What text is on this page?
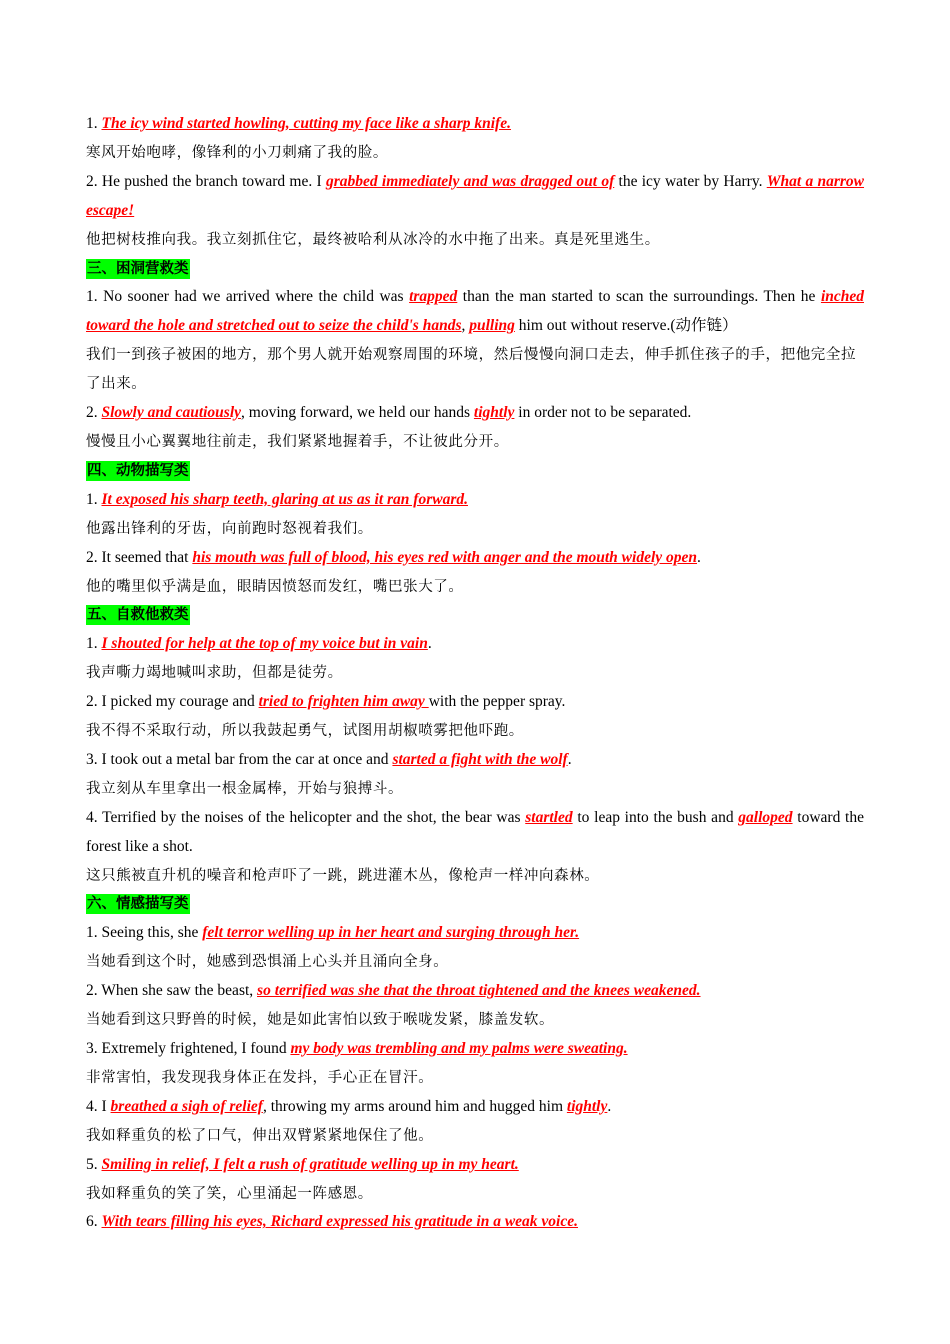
1. The icy wind started howling, cutting my face like a sharp knife.

寒风开始咆哮，像锋利的小刀刺痛了我的脸。

2. He pushed the branch toward me. I grabbed immediately and was dragged out of the icy water by Harry. What a narrow escape!

他把树枝推向我。我立刻抓住它，最终被哈利从冰冷的水中拖了出来。真是死里逃生。

三、困洞营救类

1. No sooner had we arrived where the child was trapped than the man started to scan the surroundings. Then he inched toward the hole and stretched out to seize the child's hands, pulling him out without reserve.(动作链）

我们一到孩子被困的地方，那个男人就开始观察周围的环境，然后慢慢向洞口走去，伸手抓住孩子的手，把他完全拉了出来。

2. Slowly and cautiously, moving forward, we held our hands tightly in order not to be separated.

慢慢且小心翼翼地往前走，我们紧紧地握着手，不让彼此分开。

四、动物描写类

1. It exposed his sharp teeth, glaring at us as it ran forward.

他露出锋利的牙齿，向前跑时怒视着我们。

2. It seemed that his mouth was full of blood, his eyes red with anger and the mouth widely open.

他的嘴里似乎满是血，眼睛因愤怒而发红，嘴巴张大了。

五、自救他救类

1. I shouted for help at the top of my voice but in vain.

我声嘶力竭地喊叫求助，但都是徒劳。

2. I picked my courage and tried to frighten him away with the pepper spray.

我不得不采取行动，所以我鼓起勇气，试图用胡椒喷雾把他吓跑。

3. I took out a metal bar from the car at once and started a fight with the wolf.

我立刻从车里拿出一根金属棒，开始与狼搏斗。

4. Terrified by the noises of the helicopter and the shot, the bear was startled to leap into the bush and galloped toward the forest like a shot.

这只熊被直升机的噪音和枪声吓了一跳，跳进灌木丛，像枪声一样冲向森林。

六、情感描写类

1. Seeing this, she felt terror welling up in her heart and surging through her.

当她看到这个时，她感到恐惧涌上心头并且涌向全身。

2. When she saw the beast, so terrified was she that the throat tightened and the knees weakened.

当她看到这只野兽的时候，她是如此害怕以致于喉咙发紧，膝盖发软。

3. Extremely frightened, I found my body was trembling and my palms were sweating.

非常害怕，我发现我身体正在发抖，手心正在冒汗。

4. I breathed a sigh of relief, throwing my arms around him and hugged him tightly.

我如释重负的松了口气，伸出双臂紧紧地保住了他。

5. Smiling in relief, I felt a rush of gratitude welling up in my heart.

我如释重负的笑了笑，心里涌起一阵感恩。

6. With tears filling his eyes, Richard expressed his gratitude in a weak voice.
